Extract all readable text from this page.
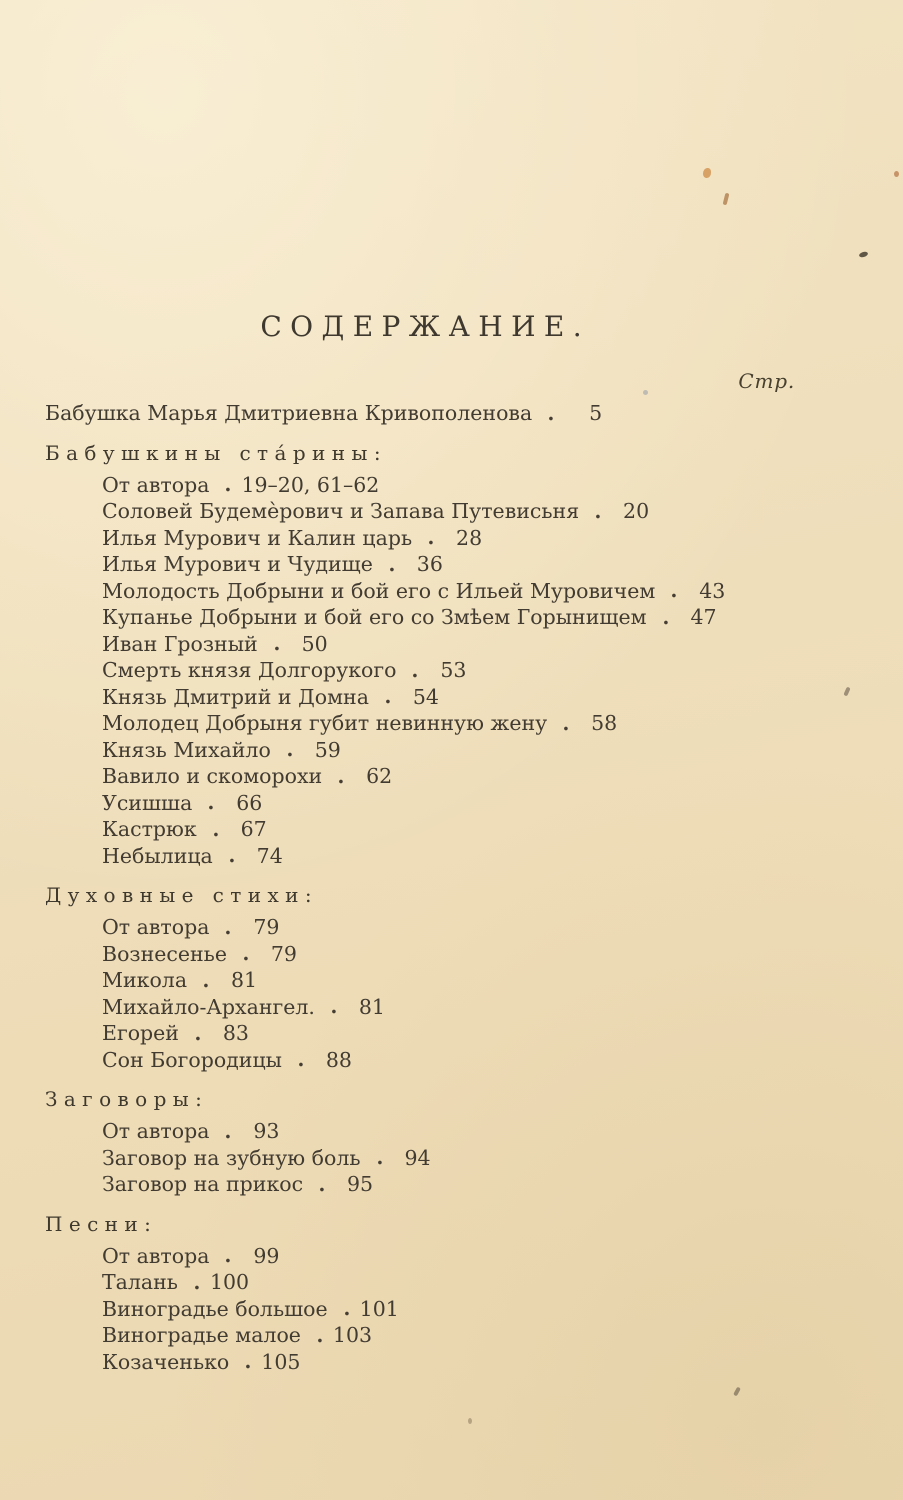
СОДЕРЖАНИЕ.
Стр.
Бабушка Марья Дмитриевна Кривополенова	5
Бабушкины ста́рины:
От автора 19–20, 61–62
Соловей Будемѐрович и Запава Путевисьня	20
Илья Мурович и Калин царь	28
Илья Мурович и Чудище	36
Молодость Добрыни и бой его с Ильей Муровичем	43
Купанье Добрыни и бой его со Змѣем Горынищем	47
Иван Грозный	50
Смерть князя Долгорукого	53
Князь Дмитрий и Домна	54
Молодец Добрыня губит невинную жену	58
Князь Михайло	59
Вавило и скоморохи	62
Усишша	66
Кастрюк	67
Небылица	74
Духовные стихи:
От автора	79
Вознесенье	79
Микола	81
Михайло-Архангел.	81
Егорей	83
Сон Богородицы	88
Заговоры:
От автора	93
Заговор на зубную боль	94
Заговор на прикос	95
Песни:
От автора	99
Талань 100
Виноградье большое 101
Виноградье малое 103
Козаченько 105
